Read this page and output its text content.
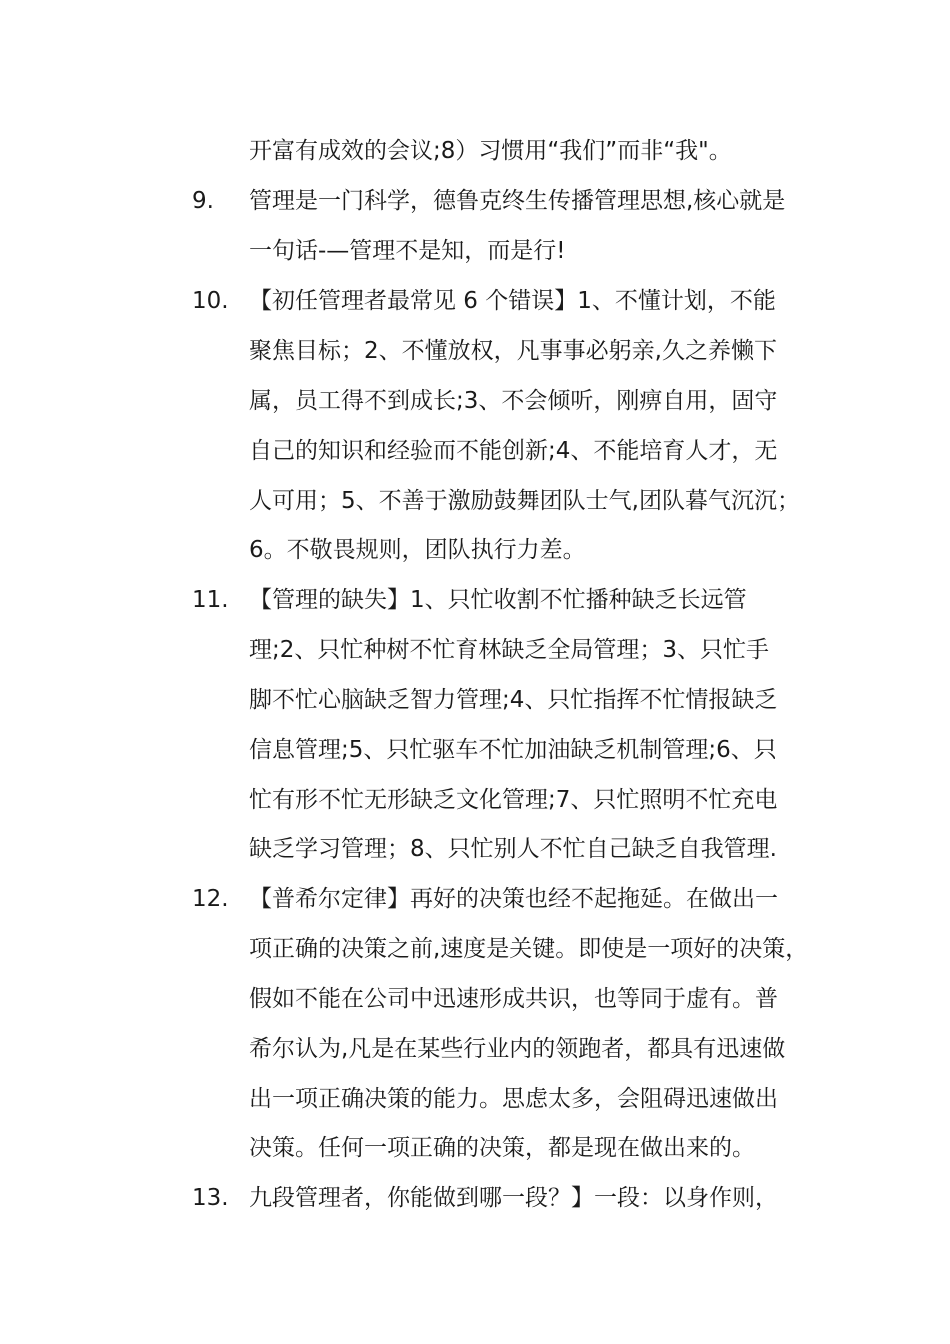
开富有成效的会议;8）习惯用“我们”而非“我"。
9. 管理是一门科学，德鲁克终生传播管理思想,核心就是
一句话-—管理不是知，而是行!
10. 【初任管理者最常见 6 个错误】1、不懂计划，不能
聚焦目标；2、不懂放权，凡事事必躬亲,久之养懒下
属，员工得不到成长;3、不会倾听，刚痹自用，固守
自己的知识和经验而不能创新;4、不能培育人才，无
人可用；5、不善于激励鼓舞团队士气,团队暮气沉沉；
6。不敬畏规则，团队执行力差。
11. 【管理的缺失】1、只忙收割不忙播种缺乏长远管
理;2、只忙种树不忙育林缺乏全局管理；3、只忙手
脚不忙心脑缺乏智力管理;4、只忙指挥不忙情报缺乏
信息管理;5、只忙驱车不忙加油缺乏机制管理;6、只
忙有形不忙无形缺乏文化管理;7、只忙照明不忙充电
缺乏学习管理；8、只忙别人不忙自己缺乏自我管理.
12. 【普希尔定律】再好的决策也经不起拖延。在做出一
项正确的决策之前,速度是关键。即使是一项好的决策，
假如不能在公司中迅速形成共识，也等同于虚有。普
希尔认为,凡是在某些行业内的领跑者，都具有迅速做
出一项正确决策的能力。思虑太多，会阻碍迅速做出
决策。任何一项正确的决策，都是现在做出来的。
13. 九段管理者，你能做到哪一段？】一段：以身作则，
